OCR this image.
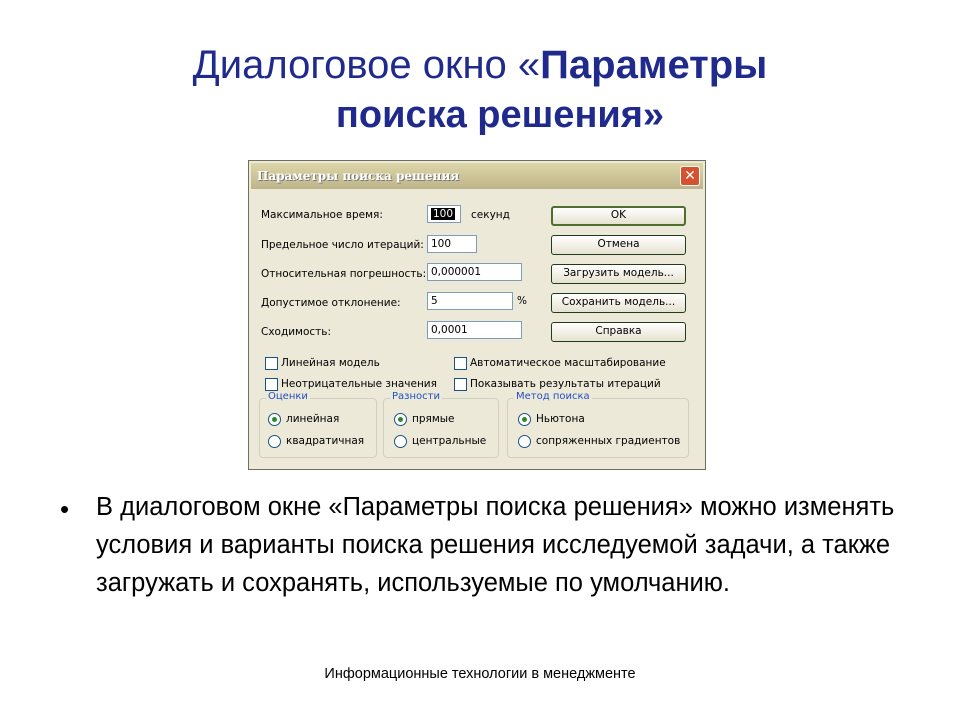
Диалоговое окно «Параметры
поиска решения»
Параметры поиска решения	✕
Максимальное время:	100	секунд
Предельное число итераций: 100
Относительная погрешность: 0,000001
Допустимое отклонение:	5	%
Сходимость:	0,0001
OK
Отмена
Загрузить модель...
Сохранить модель...
Справка
Линейная модель	Автоматическое масштабирование
Неотрицательные значения	Показывать результаты итераций
Оценки
линейная
квадратичная
Разности
прямые
центральные
Метод поиска
Ньютона
сопряженных градиентов
• В диалоговом окне «Параметры поиска решения» можно изменять условия и варианты поиска решения исследуемой задачи, а также загружать и сохранять, используемые по умолчанию.
Информационные технологии в менеджменте
